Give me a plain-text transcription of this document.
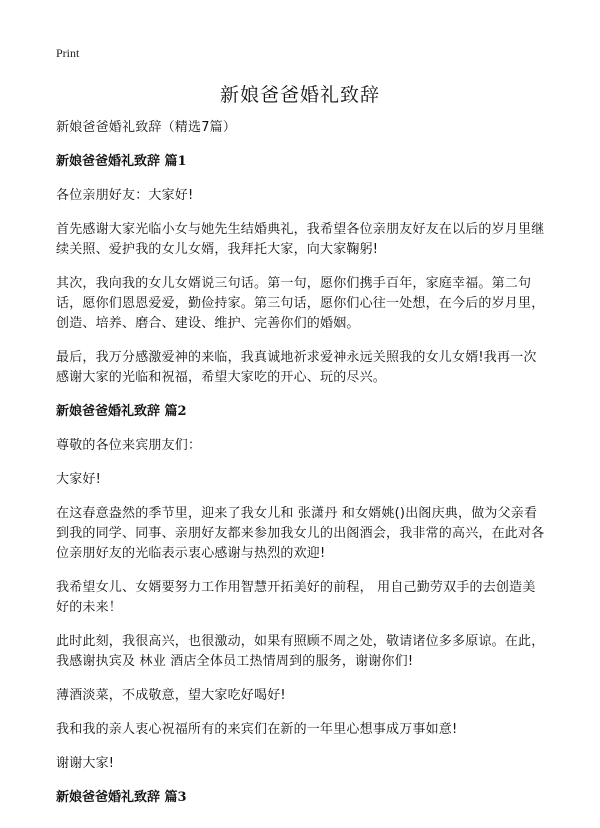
Print
新娘爸爸婚礼致辞

新娘爸爸婚礼致辞（精选7篇）

新娘爸爸婚礼致辞 篇1

各位亲朋好友：大家好!

首先感谢大家光临小女与她先生结婚典礼，我希望各位亲朋友好友在以后的岁月里继续关照、爱护我的女儿女婿，我拜托大家，向大家鞠躬!

其次，我向我的女儿女婿说三句话。第一句，愿你们携手百年，家庭幸福。第二句话，愿你们恩恩爱爱，勤俭持家。第三句话，愿你们心往一处想，在今后的岁月里，创造、培养、磨合、建设、维护、完善你们的婚姻。

最后，我万分感激爱神的来临，我真诚地祈求爱神永远关照我的女儿女婿!我再一次感谢大家的光临和祝福，希望大家吃的开心、玩的尽兴。

新娘爸爸婚礼致辞 篇2

尊敬的各位来宾朋友们：

大家好!

在这春意盎然的季节里，迎来了我女儿和 张潇丹 和女婿姚()出阁庆典，做为父亲看到我的同学、同事、亲朋好友都来参加我女儿的出阁酒会，我非常的高兴，在此对各位亲朋好友的光临表示衷心感谢与热烈的欢迎!

我希望女儿、女婿要努力工作用智慧开拓美好的前程， 用自己勤劳双手的去创造美好的未来！

此时此刻，我很高兴，也很激动，如果有照顾不周之处，敬请诸位多多原谅。在此，我感谢执宾及 林业 酒店全体员工热情周到的服务，谢谢你们!

薄酒淡菜，不成敬意，望大家吃好喝好!

我和我的亲人衷心祝福所有的来宾们在新的一年里心想事成万事如意!

谢谢大家!

新娘爸爸婚礼致辞 篇3
